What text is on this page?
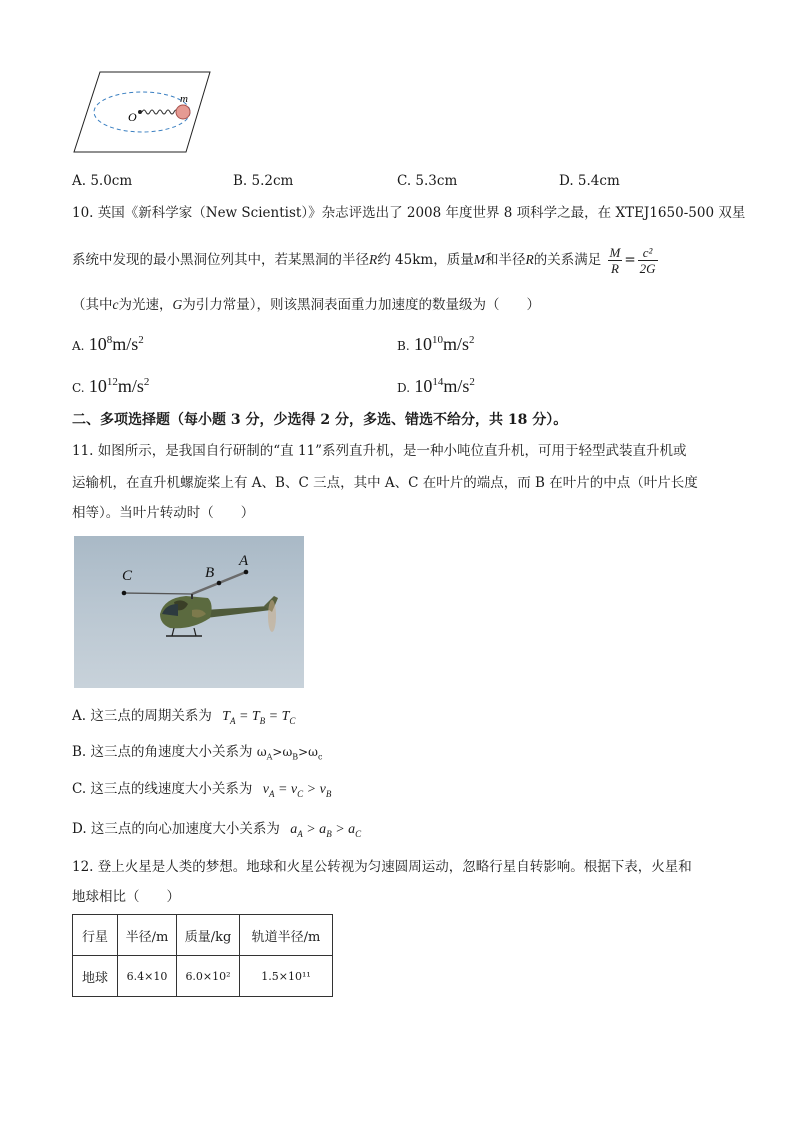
O
m
A. 5.0cm	B. 5.2cm	C. 5.3cm	D. 5.4cm
10. 英国《新科学家（New Scientist）》杂志评选出了 2008 年度世界 8 项科学之最，在 XTEJ1650-500 双星
系统中发现的最小黑洞位列其中，若某黑洞的半径R约 45km，质量M和半径R的关系满足 $\frac{M}{R} = \frac{\text{c²}}{2G}$
（其中c为光速，G为引力常量），则该黑洞表面重力加速度的数量级为（　　）
A. $10^8m/s^2$	B. $10^{10}m/s^2$
C. $10^{12}m/s^2$	D. $10^{14}m/s^2$
二、多项选择题（每小题 3 分，少选得 2 分，多选、错选不给分，共 18 分）。
11. 如图所示，是我国自行研制的“直 11”系列直升机，是一种小吨位直升机，可用于轻型武装直升机或
运输机，在直升机螺旋桨上有 A、B、C 三点，其中 A、C 在叶片的端点，而 B 在叶片的中点（叶片长度
相等）。当叶片转动时（　　）
C	B
A
A. 这三点的周期关系为 $T_A = T_B = T_C$
B. 这三点的角速度大小关系为 $\omega_A>\omega_B>\omega_c$
C. 这三点的线速度大小关系为 $v_A = v_C > v_B$
D. 这三点的向心加速度大小关系为 $a_A > a_B > a_C$
12. 登上火星是人类的梦想。地球和火星公转视为匀速圆周运动，忽略行星自转影响。根据下表，火星和
地球相比（　　）
行星	半径/m	质量/kg	轨道半径/m
地球	6.4×10	6.0×10²	1.5×10¹¹
